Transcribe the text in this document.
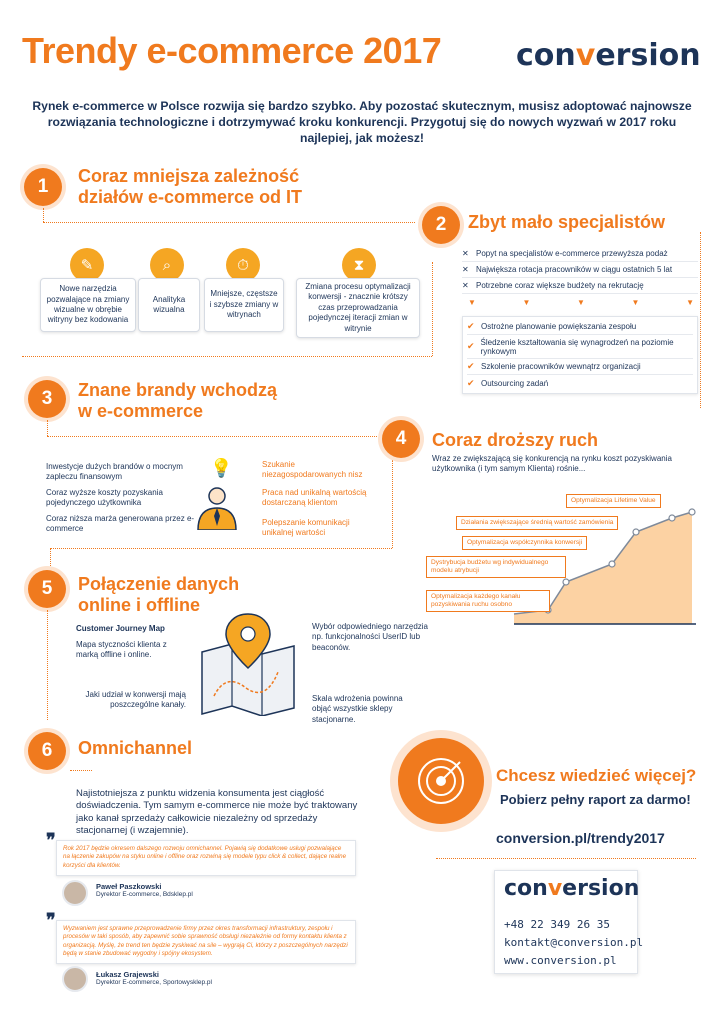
Trendy e-commerce 2017 conversion
Rynek e-commerce w Polsce rozwija się bardzo szybko. Aby pozostać skutecznym, musisz adoptować najnowsze rozwiązania technologiczne i dotrzymywać kroku konkurencji. Przygotuj się do nowych wyzwań w 2017 roku najlepiej, jak możesz!
1	Coraz mniejsza zależność
działów e-commerce od IT
✎
Nowe narzędzia pozwalające na zmiany wizualne w obrębie witryny bez kodowania
⌕
Analityka wizualna
⏱
Mniejsze, częstsze i szybsze zmiany w witrynach
⧗
Zmiana procesu optymalizacji konwersji - znacznie krótszy czas przeprowadzania pojedynczej iteracji zmian w witrynie
2	Zbyt mało specjalistów
✕ Popyt na specjalistów e-commerce przewyższa podaż
✕ Największa rotacja pracowników w ciągu ostatnich 5 lat
✕ Potrzebne coraz większe budżety na rekrutację
▼	▼	▼	▼	▼
✔ Ostrożne planowanie powiększania zespołu
✔ Śledzenie kształtowania się wynagrodzeń na poziomie rynkowym
✔ Szkolenie pracowników wewnątrz organizacji
✔ Outsourcing zadań
3	Znane brandy wchodzą
w e-commerce
Inwestycje dużych brandów o mocnym zapleczu finansowym
Coraz wyższe koszty pozyskania pojedynczego użytkownika
Coraz niższa marża generowana przez e-commerce
💡	Szukanie niezagospodarowanych nisz
Praca nad unikalną wartością dostarczaną klientom
Polepszanie komunikacji unikalnej wartości
4	Coraz droższy ruch
Wraz ze zwiększającą się konkurencją na rynku koszt pozyskiwania użytkownika (i tym samym Klienta) rośnie...
Optymalizacja Lifetime Value
Działania zwiększające średnią wartość zamówienia
Optymalizacja współczynnika konwersji
Dystrybucja budżetu wg indywidualnego modelu atrybucji
Optymalizacja każdego kanału pozyskiwania ruchu osobno
5	Połączenie danych
online i offline
Customer Journey Map
Mapa styczności klienta z marką offline i online.
Jaki udział w konwersji mają poszczególne kanały.
Wybór odpowiedniego narzędzia np. funkcjonalności UserID lub beaconów.
Skala wdrożenia powinna objąć wszystkie sklepy stacjonarne.
6	Omnichannel
Najistotniejsza z punktu widzenia konsumenta jest ciągłość doświadczenia. Tym samym e-commerce nie może być traktowany jako kanał sprzedaży całkowicie niezależny od sprzedaży stacjonarnej (i wzajemnie).
❞ Rok 2017 będzie okresem dalszego rozwoju omnichannel. Pojawią się dodatkowe usługi pozwalające na łączenie zakupów na styku online i offline oraz rozwiną się modele typu click & collect, dające realne korzyści dla klientów.
Paweł Paszkowski
Dyrektor E-commerce, Bdsklep.pl
❞ Wyzwaniem jest sprawne przeprowadzenie firmy przez okres transformacji infrastruktury, zespołu i procesów w taki sposób, aby zapewnić sobie sprawność obsługi niezależnie od formy kontaktu klienta z organizacją. Myślę, że trend ten będzie zyskiwać na sile – wygrają Ci, którzy z poszczególnych narzędzi będą w stanie zbudować wygodny i spójny ekosystem.
Łukasz Grajewski
Dyrektor E-commerce, Sportowysklep.pl
Chcesz wiedzieć więcej?
Pobierz pełny raport za darmo!
conversion.pl/trendy2017
conversion
+48 22 349 26 35
kontakt@conversion.pl
www.conversion.pl
